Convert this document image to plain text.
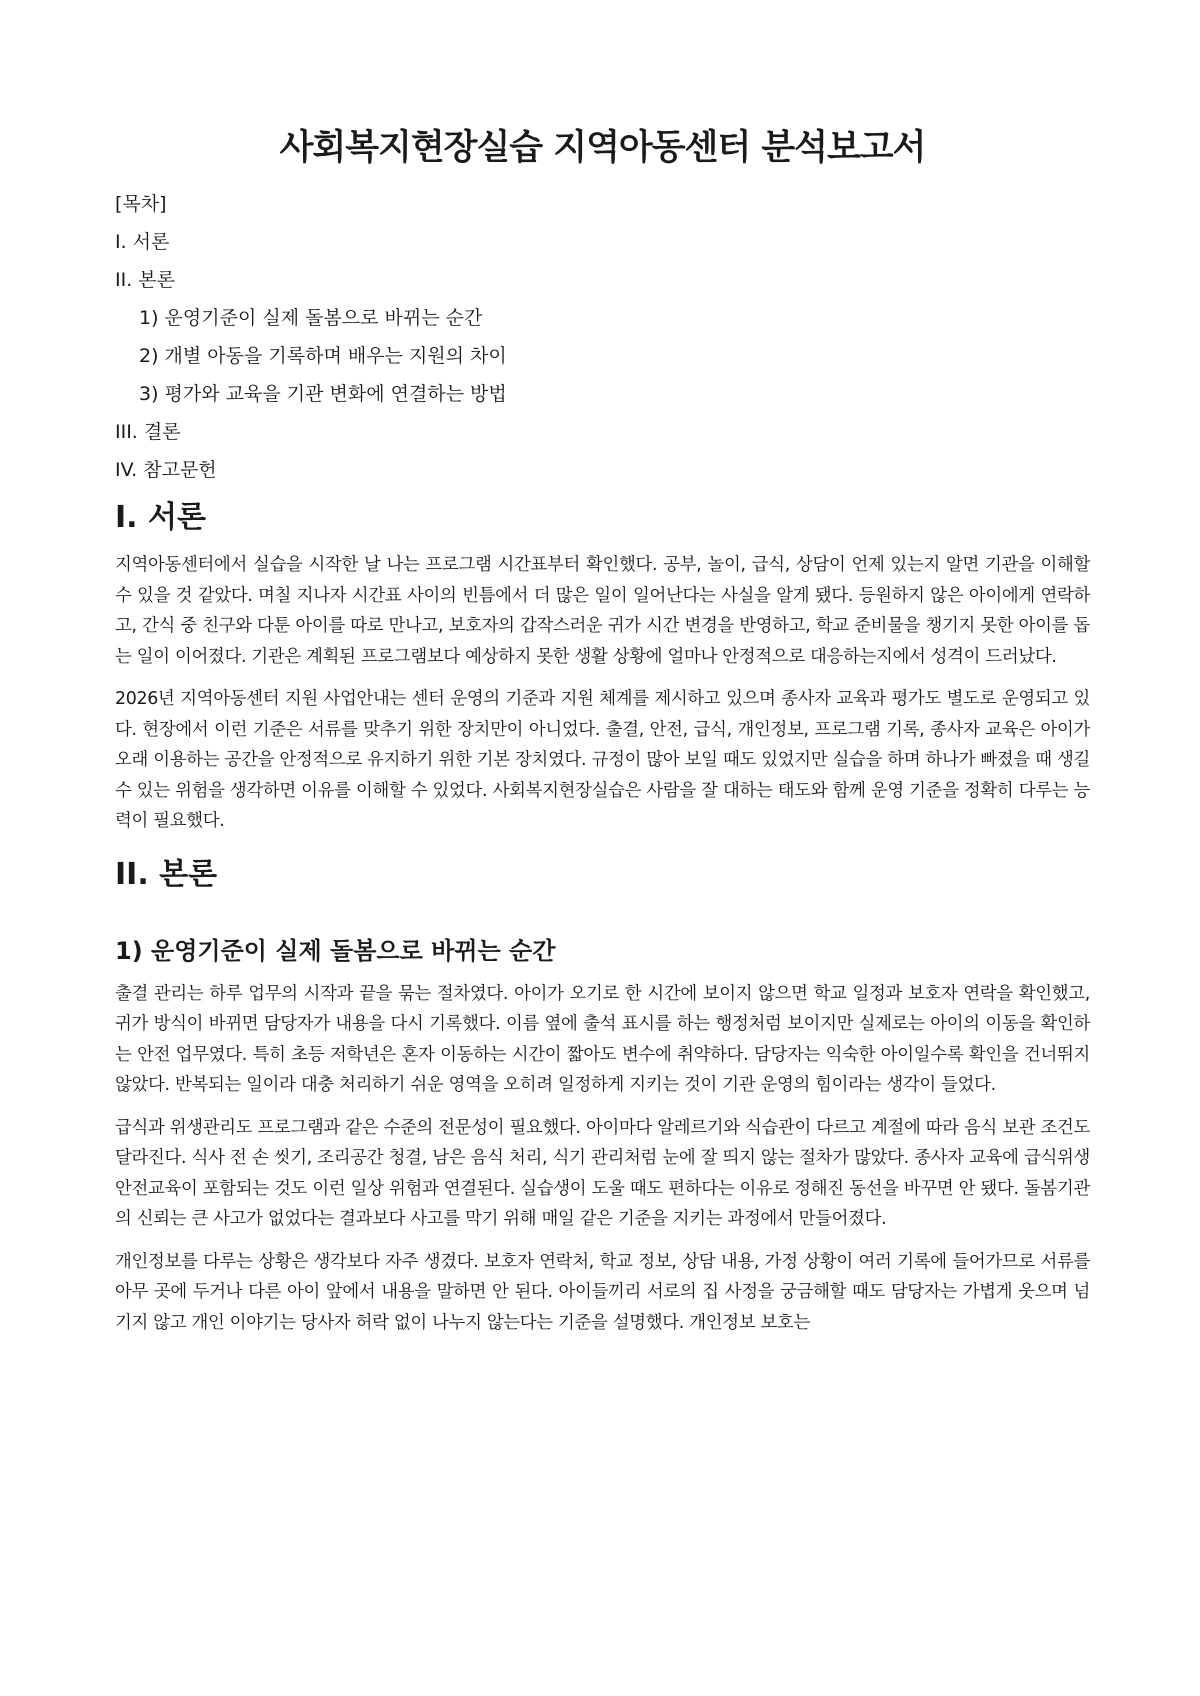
사회복지현장실습 지역아동센터 분석보고서
[목차]
I. 서론
II. 본론
1) 운영기준이 실제 돌봄으로 바뀌는 순간
2) 개별 아동을 기록하며 배우는 지원의 차이
3) 평가와 교육을 기관 변화에 연결하는 방법
III. 결론
IV. 참고문헌
I. 서론

지역아동센터에서 실습을 시작한 날 나는 프로그램 시간표부터 확인했다. 공부, 놀이, 급식, 상담이 언제 있는지 알면 기관을 이해할 수 있을 것 같았다. 며칠 지나자 시간표 사이의 빈틈에서 더 많은 일이 일어난다는 사실을 알게 됐다. 등원하지 않은 아이에게 연락하고, 간식 중 친구와 다툰 아이를 따로 만나고, 보호자의 갑작스러운 귀가 시간 변경을 반영하고, 학교 준비물을 챙기지 못한 아이를 돕는 일이 이어졌다. 기관은 계획된 프로그램보다 예상하지 못한 생활 상황에 얼마나 안정적으로 대응하는지에서 성격이 드러났다.

2026년 지역아동센터 지원 사업안내는 센터 운영의 기준과 지원 체계를 제시하고 있으며 종사자 교육과 평가도 별도로 운영되고 있다. 현장에서 이런 기준은 서류를 맞추기 위한 장치만이 아니었다. 출결, 안전, 급식, 개인정보, 프로그램 기록, 종사자 교육은 아이가 오래 이용하는 공간을 안정적으로 유지하기 위한 기본 장치였다. 규정이 많아 보일 때도 있었지만 실습을 하며 하나가 빠졌을 때 생길 수 있는 위험을 생각하면 이유를 이해할 수 있었다. 사회복지현장실습은 사람을 잘 대하는 태도와 함께 운영 기준을 정확히 다루는 능력이 필요했다.

II. 본론
1) 운영기준이 실제 돌봄으로 바뀌는 순간

출결 관리는 하루 업무의 시작과 끝을 묶는 절차였다. 아이가 오기로 한 시간에 보이지 않으면 학교 일정과 보호자 연락을 확인했고, 귀가 방식이 바뀌면 담당자가 내용을 다시 기록했다. 이름 옆에 출석 표시를 하는 행정처럼 보이지만 실제로는 아이의 이동을 확인하는 안전 업무였다. 특히 초등 저학년은 혼자 이동하는 시간이 짧아도 변수에 취약하다. 담당자는 익숙한 아이일수록 확인을 건너뛰지 않았다. 반복되는 일이라 대충 처리하기 쉬운 영역을 오히려 일정하게 지키는 것이 기관 운영의 힘이라는 생각이 들었다.

급식과 위생관리도 프로그램과 같은 수준의 전문성이 필요했다. 아이마다 알레르기와 식습관이 다르고 계절에 따라 음식 보관 조건도 달라진다. 식사 전 손 씻기, 조리공간 청결, 남은 음식 처리, 식기 관리처럼 눈에 잘 띄지 않는 절차가 많았다. 종사자 교육에 급식위생안전교육이 포함되는 것도 이런 일상 위험과 연결된다. 실습생이 도울 때도 편하다는 이유로 정해진 동선을 바꾸면 안 됐다. 돌봄기관의 신뢰는 큰 사고가 없었다는 결과보다 사고를 막기 위해 매일 같은 기준을 지키는 과정에서 만들어졌다.

개인정보를 다루는 상황은 생각보다 자주 생겼다. 보호자 연락처, 학교 정보, 상담 내용, 가정 상황이 여러 기록에 들어가므로 서류를 아무 곳에 두거나 다른 아이 앞에서 내용을 말하면 안 된다. 아이들끼리 서로의 집 사정을 궁금해할 때도 담당자는 가볍게 웃으며 넘기지 않고 개인 이야기는 당사자 허락 없이 나누지 않는다는 기준을 설명했다. 개인정보 보호는
